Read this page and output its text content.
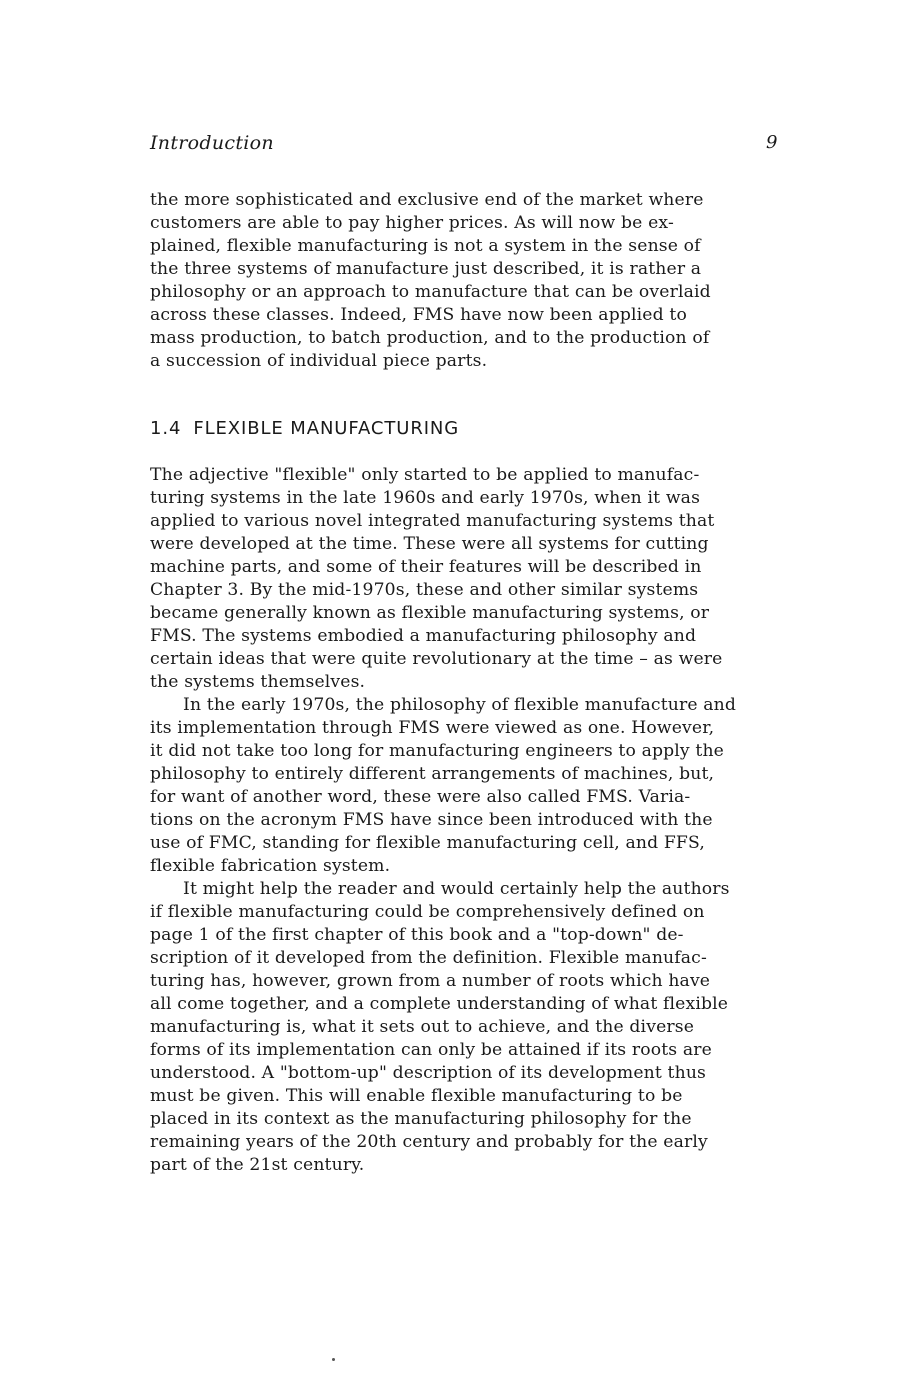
Introduction	9
the more sophisticated and exclusive end of the market where
customers are able to pay higher prices. As will now be ex-
plained, flexible manufacturing is not a system in the sense of
the three systems of manufacture just described, it is rather a
philosophy or an approach to manufacture that can be overlaid
across these classes. Indeed, FMS have now been applied to
mass production, to batch production, and to the production of
a succession of individual piece parts.
1.4 FLEXIBLE MANUFACTURING
The adjective "flexible" only started to be applied to manufac-
turing systems in the late 1960s and early 1970s, when it was
applied to various novel integrated manufacturing systems that
were developed at the time. These were all systems for cutting
machine parts, and some of their features will be described in
Chapter 3. By the mid-1970s, these and other similar systems
became generally known as flexible manufacturing systems, or
FMS. The systems embodied a manufacturing philosophy and
certain ideas that were quite revolutionary at the time – as were
the systems themselves.
In the early 1970s, the philosophy of flexible manufacture and
its implementation through FMS were viewed as one. However,
it did not take too long for manufacturing engineers to apply the
philosophy to entirely different arrangements of machines, but,
for want of another word, these were also called FMS. Varia-
tions on the acronym FMS have since been introduced with the
use of FMC, standing for flexible manufacturing cell, and FFS,
flexible fabrication system.
It might help the reader and would certainly help the authors
if flexible manufacturing could be comprehensively defined on
page 1 of the first chapter of this book and a "top-down" de-
scription of it developed from the definition. Flexible manufac-
turing has, however, grown from a number of roots which have
all come together, and a complete understanding of what flexible
manufacturing is, what it sets out to achieve, and the diverse
forms of its implementation can only be attained if its roots are
understood. A "bottom-up" description of its development thus
must be given. This will enable flexible manufacturing to be
placed in its context as the manufacturing philosophy for the
remaining years of the 20th century and probably for the early
part of the 21st century.
